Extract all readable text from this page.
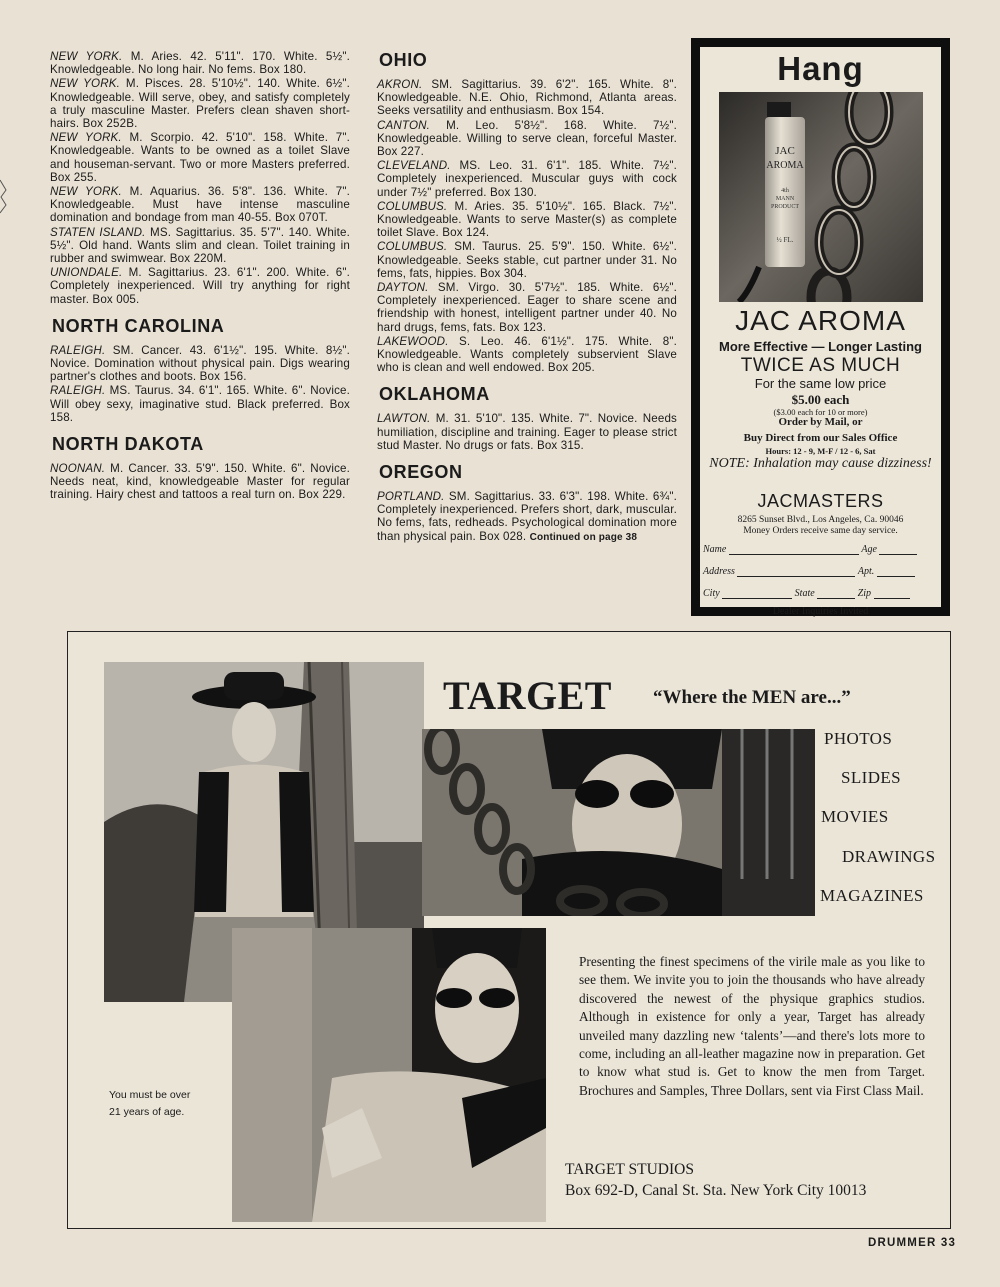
NEW YORK. M. Aries. 42. 5'11". 170. White. 5½". Knowledgeable. No long hair. No fems. Box 180.
NEW YORK. M. Pisces. 28. 5'10½". 140. White. 6½". Knowledgeable. Will serve, obey, and satisfy completely a truly masculine Master. Prefers clean shaven short-hairs. Box 252B.
NEW YORK. M. Scorpio. 42. 5'10". 158. White. 7". Knowledgeable. Wants to be owned as a toilet Slave and houseman-servant. Two or more Masters preferred. Box 255.
NEW YORK. M. Aquarius. 36. 5'8". 136. White. 7". Knowledgeable. Must have intense masculine domination and bondage from man 40-55. Box 070T.
STATEN ISLAND. MS. Sagittarius. 35. 5'7". 140. White. 5½". Old hand. Wants slim and clean. Toilet training in rubber and swimwear. Box 220M.
UNIONDALE. M. Sagittarius. 23. 6'1". 200. White. 6". Completely inexperienced. Will try anything for right master. Box 005.
NORTH CAROLINA
RALEIGH. SM. Cancer. 43. 6'1½". 195. White. 8½". Novice. Domination without physical pain. Digs wearing partner's clothes and boots. Box 156.
RALEIGH. MS. Taurus. 34. 6'1". 165. White. 6". Novice. Will obey sexy, imaginative stud. Black preferred. Box 158.
NORTH DAKOTA
NOONAN. M. Cancer. 33. 5'9". 150. White. 6". Novice. Needs neat, kind, knowledgeable Master for regular training. Hairy chest and tattoos a real turn on. Box 229.
OHIO
AKRON. SM. Sagittarius. 39. 6'2". 165. White. 8". Knowledgeable. N.E. Ohio, Richmond, Atlanta areas. Seeks versatility and enthusiasm. Box 154.
CANTON. M. Leo. 5'8½". 168. White. 7½". Knowledgeable. Willing to serve clean, forceful Master. Box 227.
CLEVELAND. MS. Leo. 31. 6'1". 185. White. 7½". Completely inexperienced. Muscular guys with cock under 7½" preferred. Box 130.
COLUMBUS. M. Aries. 35. 5'10½". 165. Black. 7½". Knowledgeable. Wants to serve Master(s) as complete toilet Slave. Box 124.
COLUMBUS. SM. Taurus. 25. 5'9". 150. White. 6½". Knowledgeable. Seeks stable, cut partner under 31. No fems, fats, hippies. Box 304.
DAYTON. SM. Virgo. 30. 5'7½". 185. White. 6½". Completely inexperienced. Eager to share scene and friendship with honest, intelligent partner under 40. No hard drugs, fems, fats. Box 123.
LAKEWOOD. S. Leo. 46. 6'1½". 175. White. 8". Knowledgeable. Wants completely subservient Slave who is clean and well endowed. Box 205.
OKLAHOMA
LAWTON. M. 31. 5'10". 135. White. 7". Novice. Needs humiliation, discipline and training. Eager to please strict stud Master. No drugs or fats. Box 315.
OREGON
PORTLAND. SM. Sagittarius. 33. 6'3". 198. White. 6¾". Completely inexperienced. Prefers short, dark, muscular. No fems, fats, redheads. Psychological domination more than physical pain. Box 028. Continued on page 38
Hang
JAC
AROMA
4th
MANN
PRODUCT
½ FL.
JAC AROMA
More Effective — Longer Lasting
TWICE AS MUCH
For the same low price
$5.00 each
($3.00 each for 10 or more)
Order by Mail, or
Buy Direct from our Sales Office
Hours: 12 - 9, M-F / 12 - 6, Sat
NOTE: Inhalation may cause dizziness!
JACMASTERS
8265 Sunset Blvd., Los Angeles, Ca. 90046
Money Orders receive same day service.
Name	Age
Address	Apt.
City	State	Zip
Dealer Inquiries Invited
TARGET “Where the MEN are...”
PHOTOS
SLIDES
MOVIES
DRAWINGS
MAGAZINES
Presenting the finest specimens of the virile male as you like to see them. We invite you to join the thousands who have already discovered the newest of the physique graphics studios. Although in existence for only a year, Target has already unveiled many dazzling new ‘talents’—and there's lots more to come, including an all-leather magazine now in preparation. Get to know what stud is. Get to know the men from Target. Brochures and Samples, Three Dollars, sent via First Class Mail.
TARGET STUDIOS
Box 692-D, Canal St. Sta. New York City 10013
You must be over 21 years of age.
DRUMMER 33
